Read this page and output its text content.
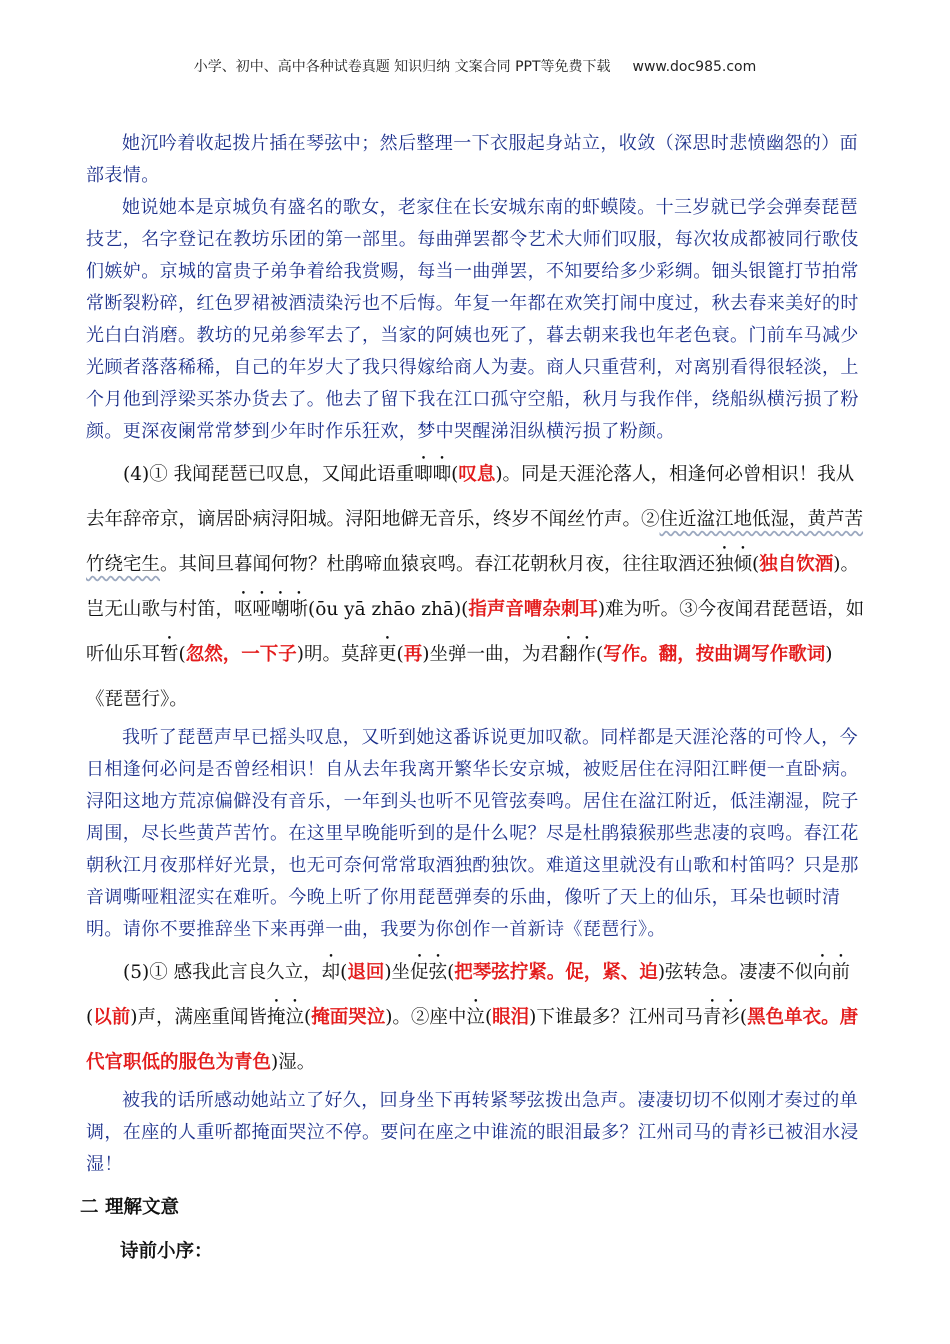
小学、初中、高中各种试卷真题 知识归纳 文案合同 PPT等免费下载 www.doc985.com

她沉吟着收起拨片插在琴弦中；然后整理一下衣服起身站立，收敛（深思时悲愤幽怨的）面部表情。

她说她本是京城负有盛名的歌女，老家住在长安城东南的虾蟆陵。十三岁就已学会弹奏琵琶技艺，名字登记在教坊乐团的第一部里。每曲弹罢都令艺术大师们叹服，每次妆成都被同行歌伎们嫉妒。京城的富贵子弟争着给我赏赐，每当一曲弹罢，不知要给多少彩绸。钿头银篦打节拍常常断裂粉碎，红色罗裙被酒渍染污也不后悔。年复一年都在欢笑打闹中度过，秋去春来美好的时光白白消磨。教坊的兄弟参军去了，当家的阿姨也死了，暮去朝来我也年老色衰。门前车马减少光顾者落落稀稀，自己的年岁大了我只得嫁给商人为妻。商人只重营利，对离别看得很轻淡，上个月他到浮梁买茶办货去了。他去了留下我在江口孤守空船，秋月与我作伴，绕船纵横污损了粉颜。更深夜阑常常梦到少年时作乐狂欢，梦中哭醒涕泪纵横污损了粉颜。

(4)① 我闻琵琶已叹息，又闻此语重唧唧(叹息)。同是天涯沦落人，相逢何必曾相识！我从去年辞帝京，谪居卧病浔阳城。浔阳地僻无音乐，终岁不闻丝竹声。②住近湓江地低湿，黄芦苦竹绕宅生。其间旦暮闻何物？杜鹃啼血猿哀鸣。春江花朝秋月夜，往往取酒还独倾(独自饮酒)。岂无山歌与村笛，呕哑嘲哳(ōu yā zhāo zhā)(指声音嘈杂刺耳)难为听。③今夜闻君琵琶语，如听仙乐耳暂(忽然，一下子)明。莫辞更(再)坐弹一曲，为君翻作(写作。翻，按曲调写作歌词)《琵琶行》。

我听了琵琶声早已摇头叹息，又听到她这番诉说更加叹欷。同样都是天涯沦落的可怜人，今日相逢何必问是否曾经相识！自从去年我离开繁华长安京城，被贬居住在浔阳江畔便一直卧病。浔阳这地方荒凉偏僻没有音乐，一年到头也听不见管弦奏鸣。居住在湓江附近，低洼潮湿，院子周围，尽长些黄芦苦竹。在这里早晚能听到的是什么呢？尽是杜鹃猿猴那些悲凄的哀鸣。春江花朝秋江月夜那样好光景，也无可奈何常常取酒独酌独饮。难道这里就没有山歌和村笛吗？只是那音调嘶哑粗涩实在难听。今晚上听了你用琵琶弹奏的乐曲，像听了天上的仙乐，耳朵也顿时清明。请你不要推辞坐下来再弹一曲，我要为你创作一首新诗《琵琶行》。

(5)① 感我此言良久立，却(退回)坐促弦(把琴弦拧紧。促，紧、迫)弦转急。凄凄不似向前(以前)声，满座重闻皆掩泣(掩面哭泣)。②座中泣(眼泪)下谁最多？江州司马青衫(黑色单衣。唐代官职低的服色为青色)湿。

被我的话所感动她站立了好久，回身坐下再转紧琴弦拨出急声。凄凄切切不似刚才奏过的单调，在座的人重听都掩面哭泣不停。要问在座之中谁流的眼泪最多？江州司马的青衫已被泪水浸湿！

二 理解文意
诗前小序：
